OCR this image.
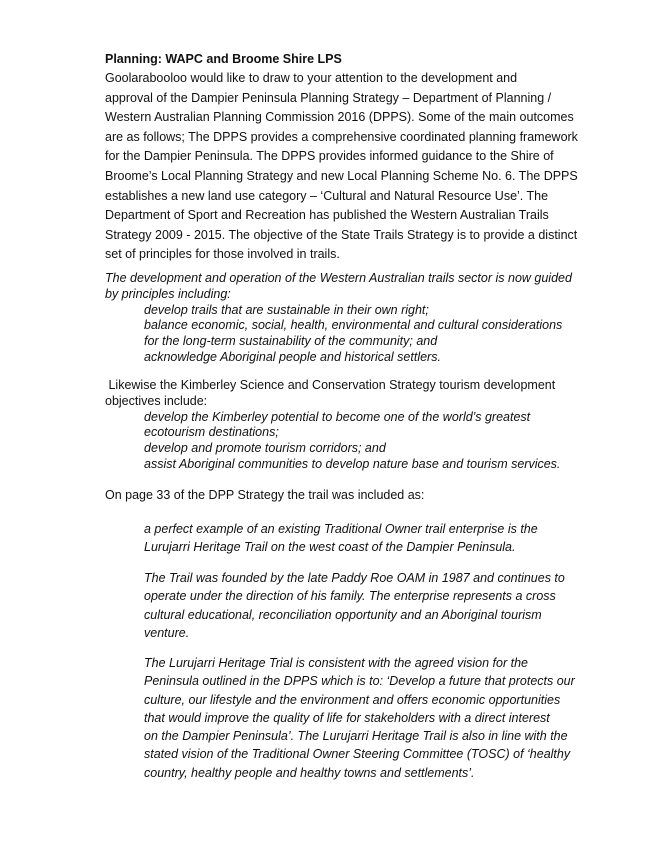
Planning: WAPC and Broome Shire LPS
Goolarabooloo would like to draw to your attention to the development and
approval of the Dampier Peninsula Planning Strategy – Department of Planning /
Western Australian Planning Commission 2016 (DPPS). Some of the main outcomes
are as follows; The DPPS provides a comprehensive coordinated planning framework
for the Dampier Peninsula. The DPPS provides informed guidance to the Shire of
Broome’s Local Planning Strategy and new Local Planning Scheme No. 6. The DPPS
establishes a new land use category – ‘Cultural and Natural Resource Use’. The
Department of Sport and Recreation has published the Western Australian Trails
Strategy 2009 - 2015. The objective of the State Trails Strategy is to provide a distinct
set of principles for those involved in trails.
The development and operation of the Western Australian trails sector is now guided
by principles including:
develop trails that are sustainable in their own right;
balance economic, social, health, environmental and cultural considerations
for the long-term sustainability of the community; and
acknowledge Aboriginal people and historical settlers.
Likewise the Kimberley Science and Conservation Strategy tourism development
objectives include:
develop the Kimberley potential to become one of the world’s greatest
ecotourism destinations;
develop and promote tourism corridors; and
assist Aboriginal communities to develop nature base and tourism services.
On page 33 of the DPP Strategy the trail was included as:
a perfect example of an existing Traditional Owner trail enterprise is the
Lurujarri Heritage Trail on the west coast of the Dampier Peninsula.
The Trail was founded by the late Paddy Roe OAM in 1987 and continues to
operate under the direction of his family. The enterprise represents a cross
cultural educational, reconciliation opportunity and an Aboriginal tourism
venture.
The Lurujarri Heritage Trial is consistent with the agreed vision for the
Peninsula outlined in the DPPS which is to: ‘Develop a future that protects our
culture, our lifestyle and the environment and offers economic opportunities
that would improve the quality of life for stakeholders with a direct interest
on the Dampier Peninsula’. The Lurujarri Heritage Trail is also in line with the
stated vision of the Traditional Owner Steering Committee (TOSC) of ‘healthy
country, healthy people and healthy towns and settlements’.
